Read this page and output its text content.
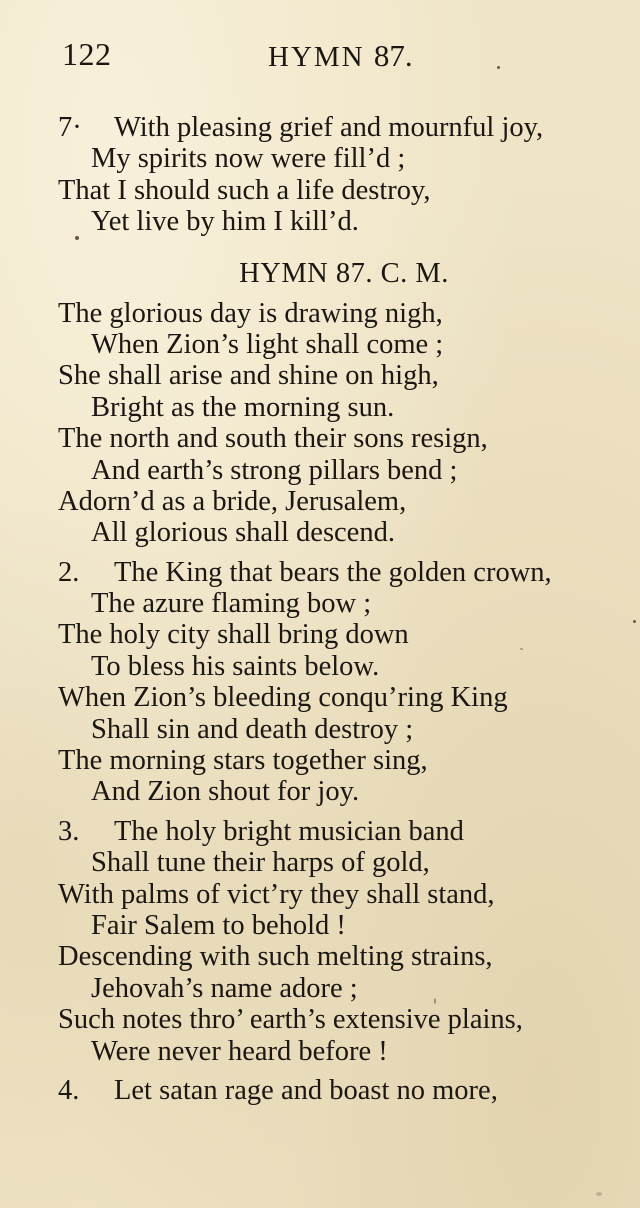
122	HYMN 87.
7· With pleasing grief and mournful joy,
My spirits now were fill’d ;
That I should such a life destroy,
Yet live by him I kill’d.
HYMN 87. C. M.
The glorious day is drawing nigh,
When Zion’s light shall come ;
She shall arise and shine on high,
Bright as the morning sun.
The north and south their sons resign,
And earth’s strong pillars bend ;
Adorn’d as a bride, Jerusalem,
All glorious shall descend.
2. The King that bears the golden crown,
The azure flaming bow ;
The holy city shall bring down
To bless his saints below.
When Zion’s bleeding conqu’ring King
Shall sin and death destroy ;
The morning stars together sing,
And Zion shout for joy.
3. The holy bright musician band
Shall tune their harps of gold,
With palms of vict’ry they shall stand,
Fair Salem to behold !
Descending with such melting strains,
Jehovah’s name adore ;
Such notes thro’ earth’s extensive plains,
Were never heard before !
4. Let satan rage and boast no more,
